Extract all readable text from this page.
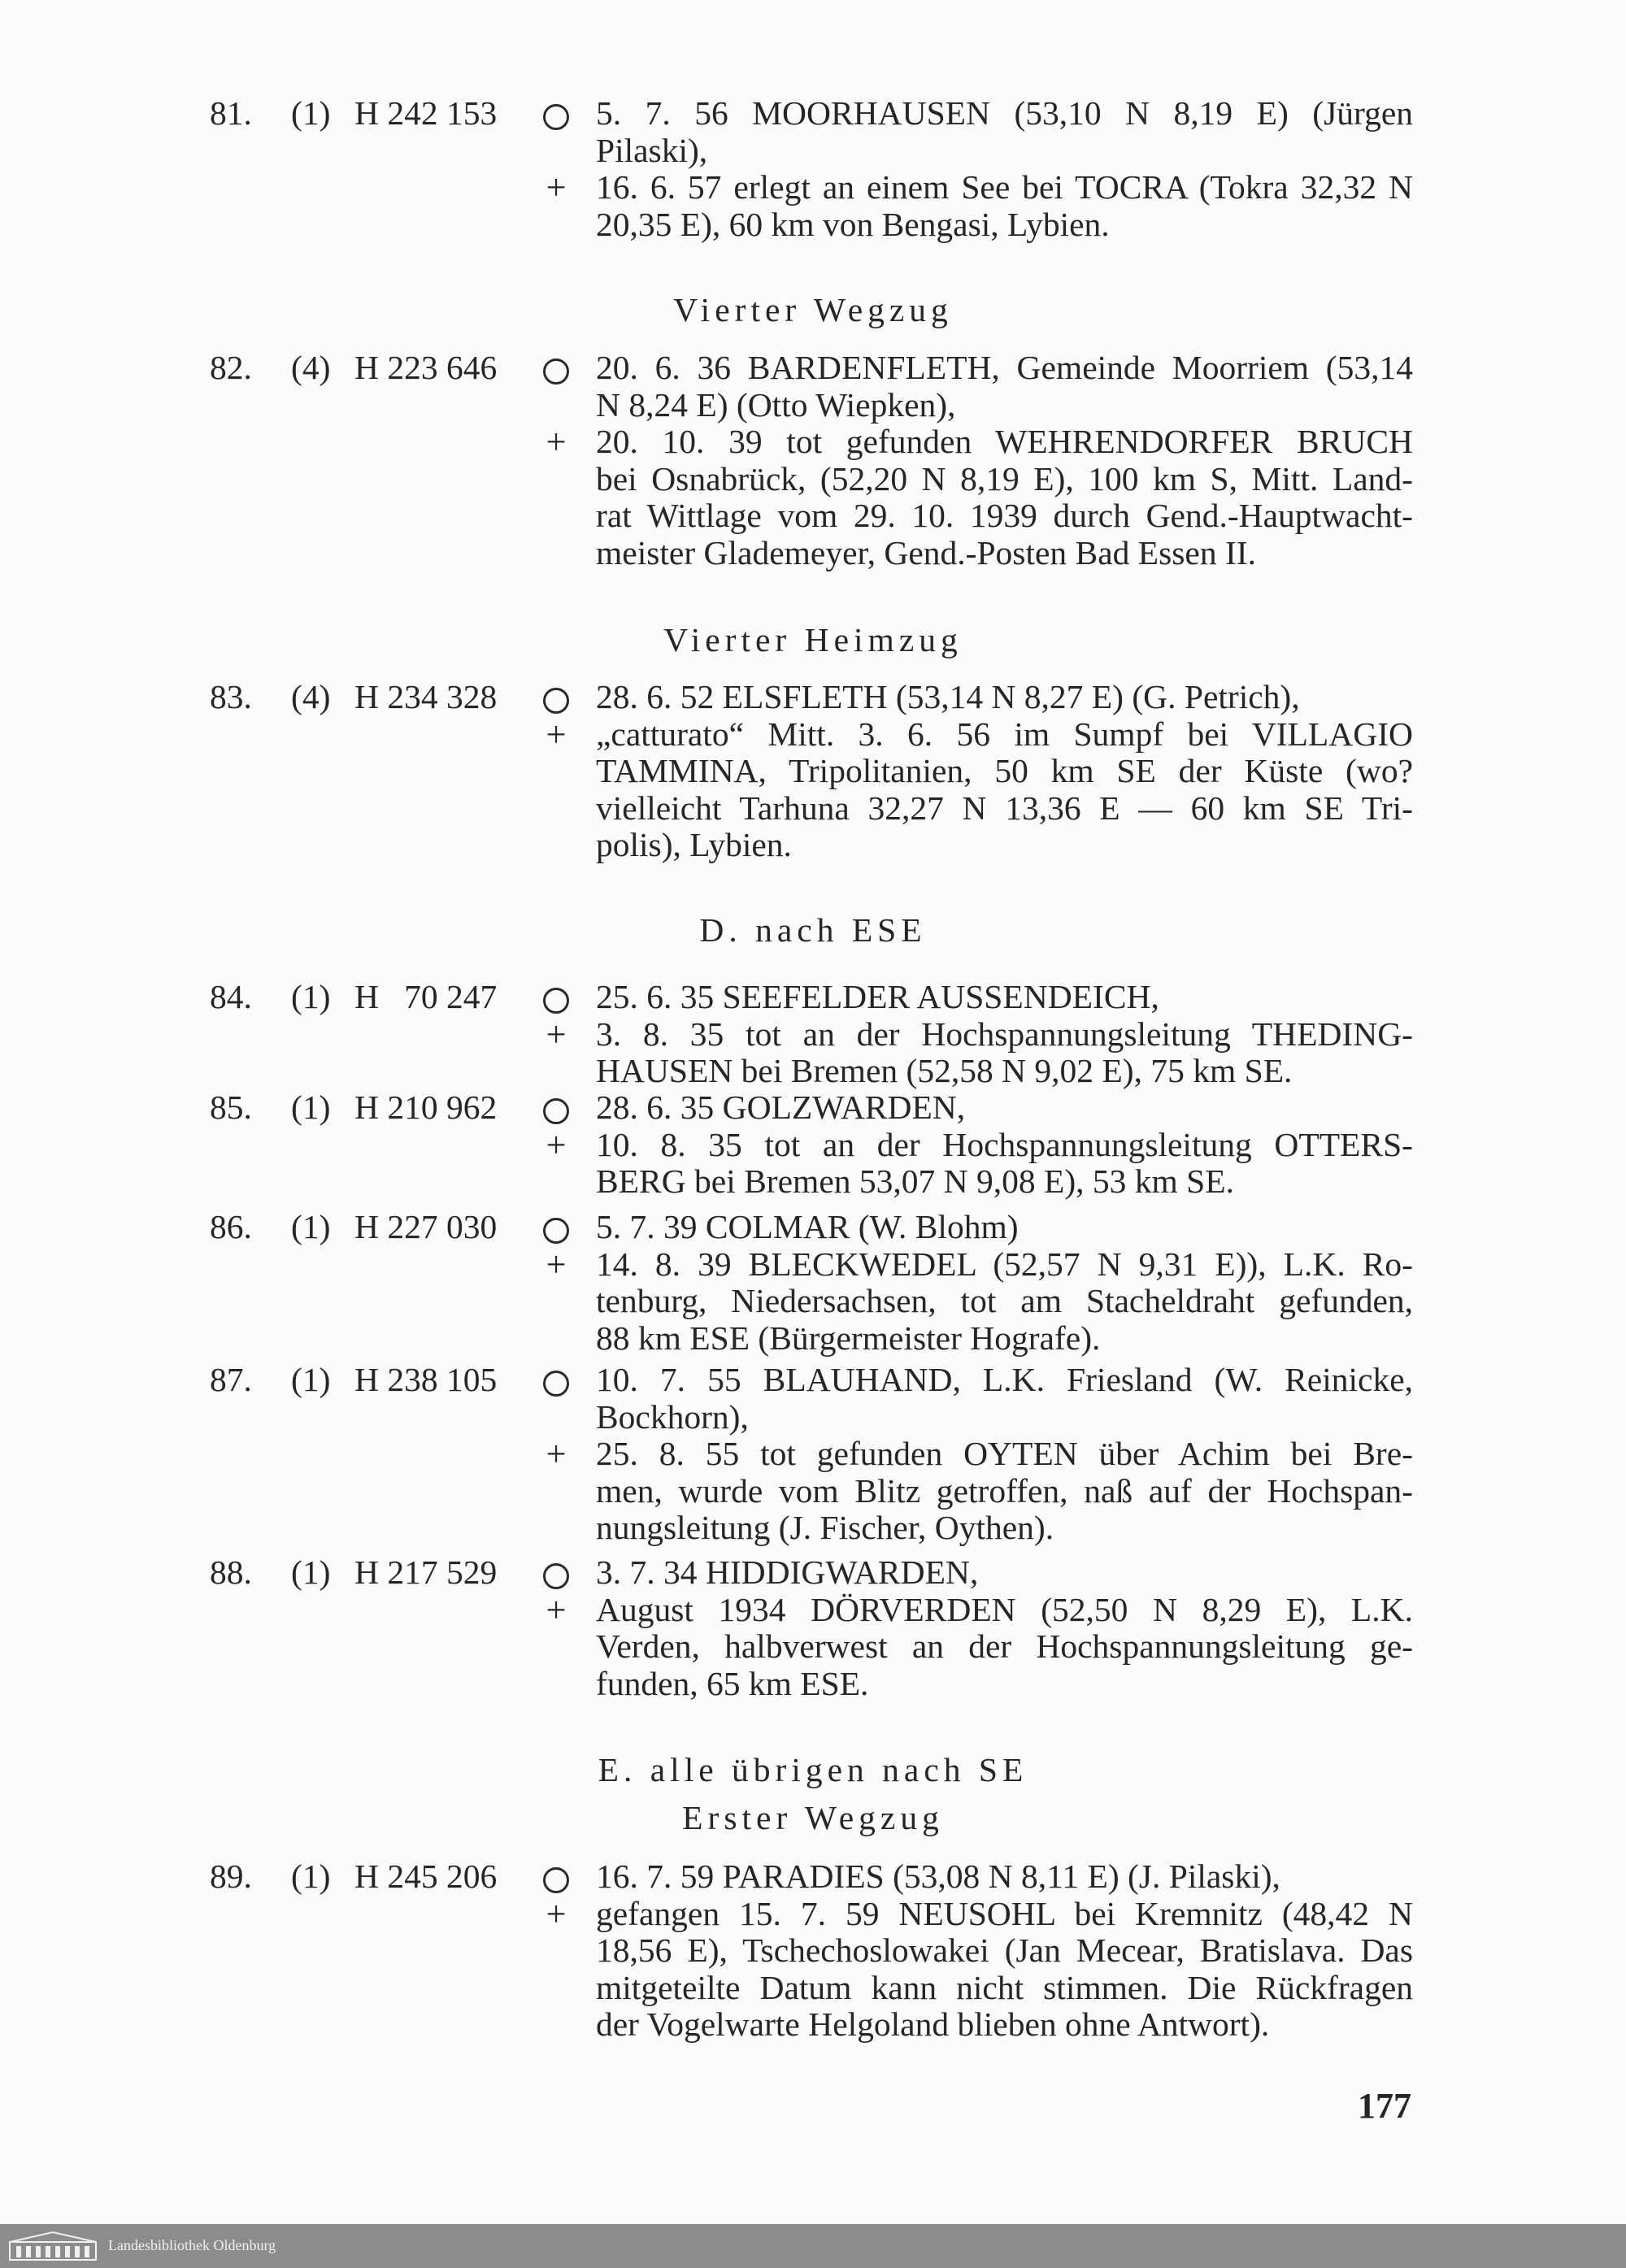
81.	(1) H 242 153	5. 7. 56 MOORHAUSEN (53,10 N 8,19 E) (Jürgen
Pilaski),
+ 16. 6. 57 erlegt an einem See bei TOCRA (Tokra 32,32 N
20,35 E), 60 km von Bengasi, Lybien.
Vierter Wegzug
82.	(4) H 223 646	20. 6. 36 BARDENFLETH, Gemeinde Moorriem (53,14
N 8,24 E) (Otto Wiepken),
+ 20. 10. 39 tot gefunden WEHRENDORFER BRUCH
bei Osnabrück, (52,20 N 8,19 E), 100 km S, Mitt. Land-
rat Wittlage vom 29. 10. 1939 durch Gend.-Hauptwacht-
meister Glademeyer, Gend.-Posten Bad Essen II.
Vierter Heimzug
83.	(4) H 234 328	28. 6. 52 ELSFLETH (53,14 N 8,27 E) (G. Petrich),
+ „catturato“ Mitt. 3. 6. 56 im Sumpf bei VILLAGIO
TAMMINA, Tripolitanien, 50 km SE der Küste (wo?
vielleicht Tarhuna 32,27 N 13,36 E — 60 km SE Tri-
polis), Lybien.
D. nach ESE
84.	(1) H   70 247	25. 6. 35 SEEFELDER AUSSENDEICH,
+ 3. 8. 35 tot an der Hochspannungsleitung THEDING-
HAUSEN bei Bremen (52,58 N 9,02 E), 75 km SE.
85.	(1) H 210 962	28. 6. 35 GOLZWARDEN,
+ 10. 8. 35 tot an der Hochspannungsleitung OTTERS-
BERG bei Bremen 53,07 N 9,08 E), 53 km SE.
86.	(1) H 227 030	5. 7. 39 COLMAR (W. Blohm)
+ 14. 8. 39 BLECKWEDEL (52,57 N 9,31 E)), L.K. Ro-
tenburg, Niedersachsen, tot am Stacheldraht gefunden,
88 km ESE (Bürgermeister Hografe).
87.	(1) H 238 105	10. 7. 55 BLAUHAND, L.K. Friesland (W. Reinicke,
Bockhorn),
+ 25. 8. 55 tot gefunden OYTEN über Achim bei Bre-
men, wurde vom Blitz getroffen, naß auf der Hochspan-
nungsleitung (J. Fischer, Oythen).
88.	(1) H 217 529	3. 7. 34 HIDDIGWARDEN,
+ August 1934 DÖRVERDEN (52,50 N 8,29 E), L.K.
Verden, halbverwest an der Hochspannungsleitung ge-
funden, 65 km ESE.
E. alle übrigen nach SE
Erster Wegzug
89.	(1) H 245 206	16. 7. 59 PARADIES (53,08 N 8,11 E) (J. Pilaski),
+ gefangen 15. 7. 59 NEUSOHL bei Kremnitz (48,42 N
18,56 E), Tschechoslowakei (Jan Mecear, Bratislava. Das
mitgeteilte Datum kann nicht stimmen. Die Rückfragen
der Vogelwarte Helgoland blieben ohne Antwort).
177
Landesbibliothek Oldenburg
